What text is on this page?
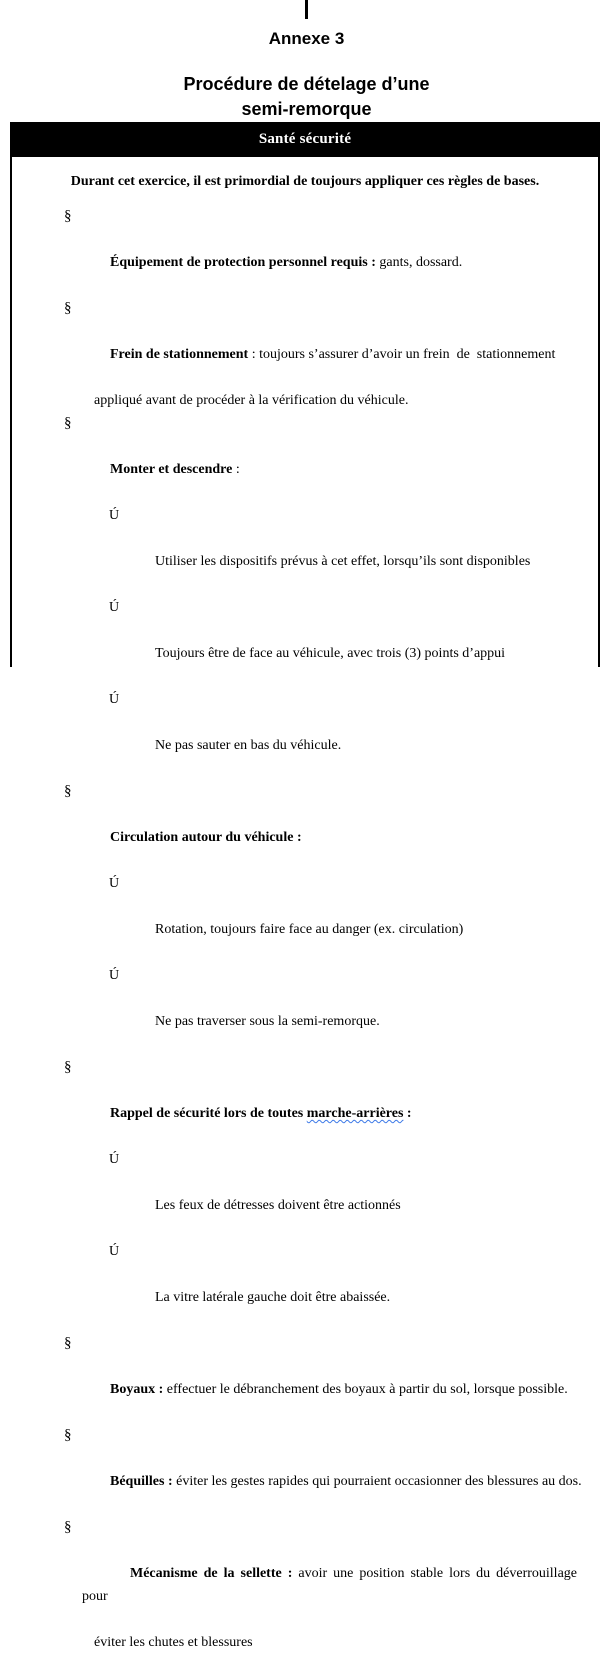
Annexe 3
Procédure de dételage d’une
semi-remorque
Santé sécurité
Durant cet exercice, il est primordial de toujours appliquer ces règles de bases.

§

Équipement de protection personnel requis : gants, dossard.

§

Frein de stationnement : toujours s’assurer d’avoir un frein  de  stationnement

appliqué avant de procéder à la vérification du véhicule.

§

Monter et descendre :

Ú

Utiliser les dispositifs prévus à cet effet, lorsqu’ils sont disponibles

Ú

Toujours être de face au véhicule, avec trois (3) points d’appui

Ú

Ne pas sauter en bas du véhicule.

§

Circulation autour du véhicule :

Ú

Rotation, toujours faire face au danger (ex. circulation)

Ú

Ne pas traverser sous la semi-remorque.

§

Rappel de sécurité lors de toutes marche-arrières :

Ú

Les feux de détresses doivent être actionnés

Ú

La vitre latérale gauche doit être abaissée.

§

Boyaux : effectuer le débranchement des boyaux à partir du sol, lorsque possible.

§

Béquilles : éviter les gestes rapides qui pourraient occasionner des blessures au dos.

§

Mécanisme de la sellette : avoir une position stable lors du déverrouillage pour

éviter les chutes et blessures
